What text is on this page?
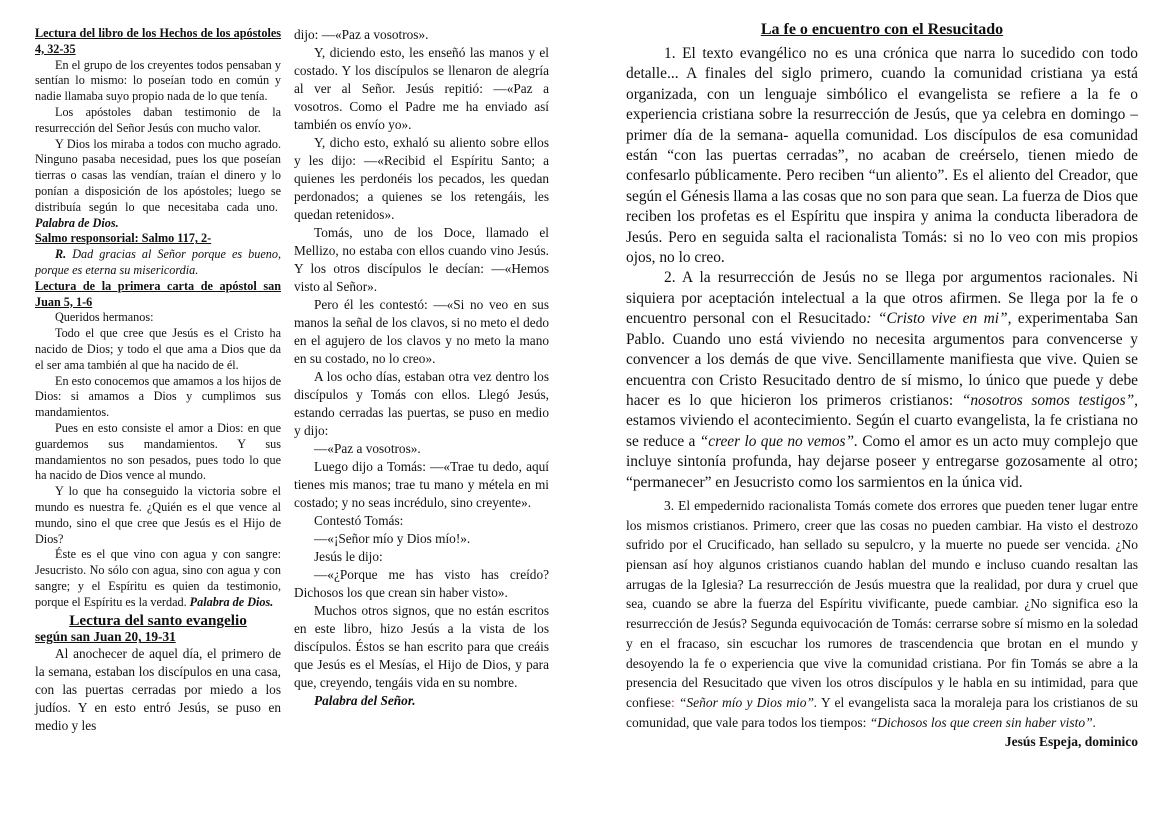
Lectura del libro de los Hechos de los apóstoles 4, 32-35

En el grupo de los creyentes todos pensaban y sentían lo mismo: lo poseían todo en común y nadie llamaba suyo propio nada de lo que tenía.

Los apóstoles daban testimonio de la resurrección del Señor Jesús con mucho valor.

Y Dios los miraba a todos con mucho agrado. Ninguno pasaba necesidad, pues los que poseían tierras o casas las vendían, traían el dinero y lo ponían a disposición de los apóstoles; luego se distribuía según lo que necesitaba cada uno.  Palabra de Dios.

Salmo responsorial: Salmo 117, 2-

R. Dad gracias al Señor porque es bueno, porque es eterna su misericordia.

Lectura de la primera carta de apóstol san Juan 5, 1-6

Queridos hermanos:

Todo el que cree que Jesús es el Cristo ha nacido de Dios; y todo el que ama a Dios que da el ser ama también al que ha nacido de él.

En esto conocemos que amamos a los hijos de Dios: si amamos a Dios y cumplimos sus mandamientos.

Pues en esto consiste el amor a Dios: en que guardemos sus mandamientos. Y sus mandamientos no son pesados, pues todo lo que ha nacido de Dios vence al mundo.

Y lo que ha conseguido la victoria sobre el mundo es nuestra fe. ¿Quién es el que vence al mundo, sino el que cree que Jesús es el Hijo de Dios?

Éste es el que vino con agua y con sangre: Jesucristo. No sólo con agua, sino con agua y con sangre; y el Espíritu es quien da testimonio, porque el Espíritu es la verdad. Palabra de Dios.

Lectura del santo evangelio

según san Juan 20, 19-31

Al anochecer de aquel día, el primero de la semana, estaban los discípulos en una casa, con las puertas cerradas por miedo a los judíos. Y en esto entró Jesús, se puso en medio y les

dijo: —«Paz a vosotros».

Y, diciendo esto, les enseñó las manos y el costado. Y los discípulos se llenaron de alegría al ver al Señor. Jesús repitió: —«Paz a vosotros. Como el Padre me ha enviado así también os envío yo».

Y, dicho esto, exhaló su aliento sobre ellos y les dijo: —«Recibid el Espíritu Santo; a quienes les perdonéis los pecados, les quedan perdonados; a quienes se los retengáis, les quedan retenidos».

Tomás, uno de los Doce, llamado el Mellizo, no estaba con ellos cuando vino Jesús. Y los otros discípulos le decían: —«Hemos visto al Señor».

Pero él les contestó: —«Si no veo en sus manos la señal de los clavos, si no meto el dedo en el agujero de los clavos y no meto la mano en su costado, no lo creo».

A los ocho días, estaban otra vez dentro los discípulos y Tomás con ellos. Llegó Jesús, estando cerradas las puertas, se puso en medio y dijo:

—«Paz a vosotros».

Luego dijo a Tomás: —«Trae tu dedo, aquí tienes mis manos; trae tu mano y métela en mi costado; y no seas incrédulo, sino creyente».

Contestó Tomás:

—«¡Señor mío y Dios mío!».

Jesús le dijo:

—«¿Porque me has visto has creído? Dichosos los que crean sin haber visto».

Muchos otros signos, que no están escritos en este libro, hizo Jesús a la vista de los discípulos. Éstos se han escrito para que creáis que Jesús es el Mesías, el Hijo de Dios, y para que, creyendo, tengáis vida en su nombre.

Palabra del Señor.

La fe o encuentro con el Resucitado

1. El texto evangélico no es una crónica que narra lo sucedido con todo detalle... A finales del siglo primero, cuando la comunidad cristiana ya está organizada, con un lenguaje simbólico el evangelista se refiere a la fe o experiencia cristiana sobre la resurrección de Jesús, que ya celebra en domingo –primer día de la semana- aquella comunidad. Los discípulos de esa comunidad están “con las puertas cerradas”, no acaban de creérselo, tienen miedo de confesarlo públicamente. Pero reciben “un aliento”. Es el aliento del Creador, que según el Génesis llama a las cosas que no son para que sean. La fuerza de Dios que reciben los profetas es el Espíritu que inspira y anima la conducta liberadora de Jesús. Pero en seguida salta el racionalista Tomás: si no lo veo con mis propios ojos, no lo creo.

2. A la resurrección de Jesús no se llega por argumentos racionales. Ni siquiera por aceptación intelectual a la que otros afirmen. Se llega por la fe o encuentro personal con el Resucitado: “Cristo vive en mi”, experimentaba San Pablo. Cuando uno está viviendo no necesita argumentos para convencerse y convencer a los demás de que vive. Sencillamente manifiesta que vive. Quien se encuentra con Cristo Resucitado dentro de sí mismo, lo único que puede y debe hacer es lo que hicieron los primeros cristianos: “nosotros somos testigos”, estamos viviendo el acontecimiento. Según el cuarto evangelista, la fe cristiana no se reduce a “creer lo que no vemos”. Como el amor es un acto muy complejo que incluye sintonía profunda, hay dejarse poseer y entregarse gozosamente al otro; “permanecer” en Jesucristo como los sarmientos en la única vid.

3. El empedernido racionalista Tomás comete dos errores que pueden tener lugar entre los mismos cristianos. Primero, creer que las cosas no pueden cambiar. Ha visto el destrozo sufrido por el Crucificado, han sellado su sepulcro, y la muerte no puede ser vencida. ¿No piensan así hoy algunos cristianos cuando hablan del mundo e incluso cuando resaltan las arrugas de la Iglesia? La resurrección de Jesús muestra que la realidad, por dura y cruel que sea, cuando se abre la fuerza del Espíritu vivificante, puede cambiar. ¿No significa eso la resurrección de Jesús? Segunda equivocación de Tomás: cerrarse sobre sí mismo en la soledad y en el fracaso, sin escuchar los rumores de trascendencia que brotan en el mundo y desoyendo la fe o experiencia que vive la comunidad cristiana. Por fin Tomás se abre a la presencia del Resucitado que viven los otros discípulos y le habla en su intimidad, para que confiese: “Señor mío y Dios mio”. Y el evangelista saca la moraleja para los cristianos de su comunidad, que vale para todos los tiempos: “Dichosos los que creen sin haber visto”.
Jesús Espeja, dominico
